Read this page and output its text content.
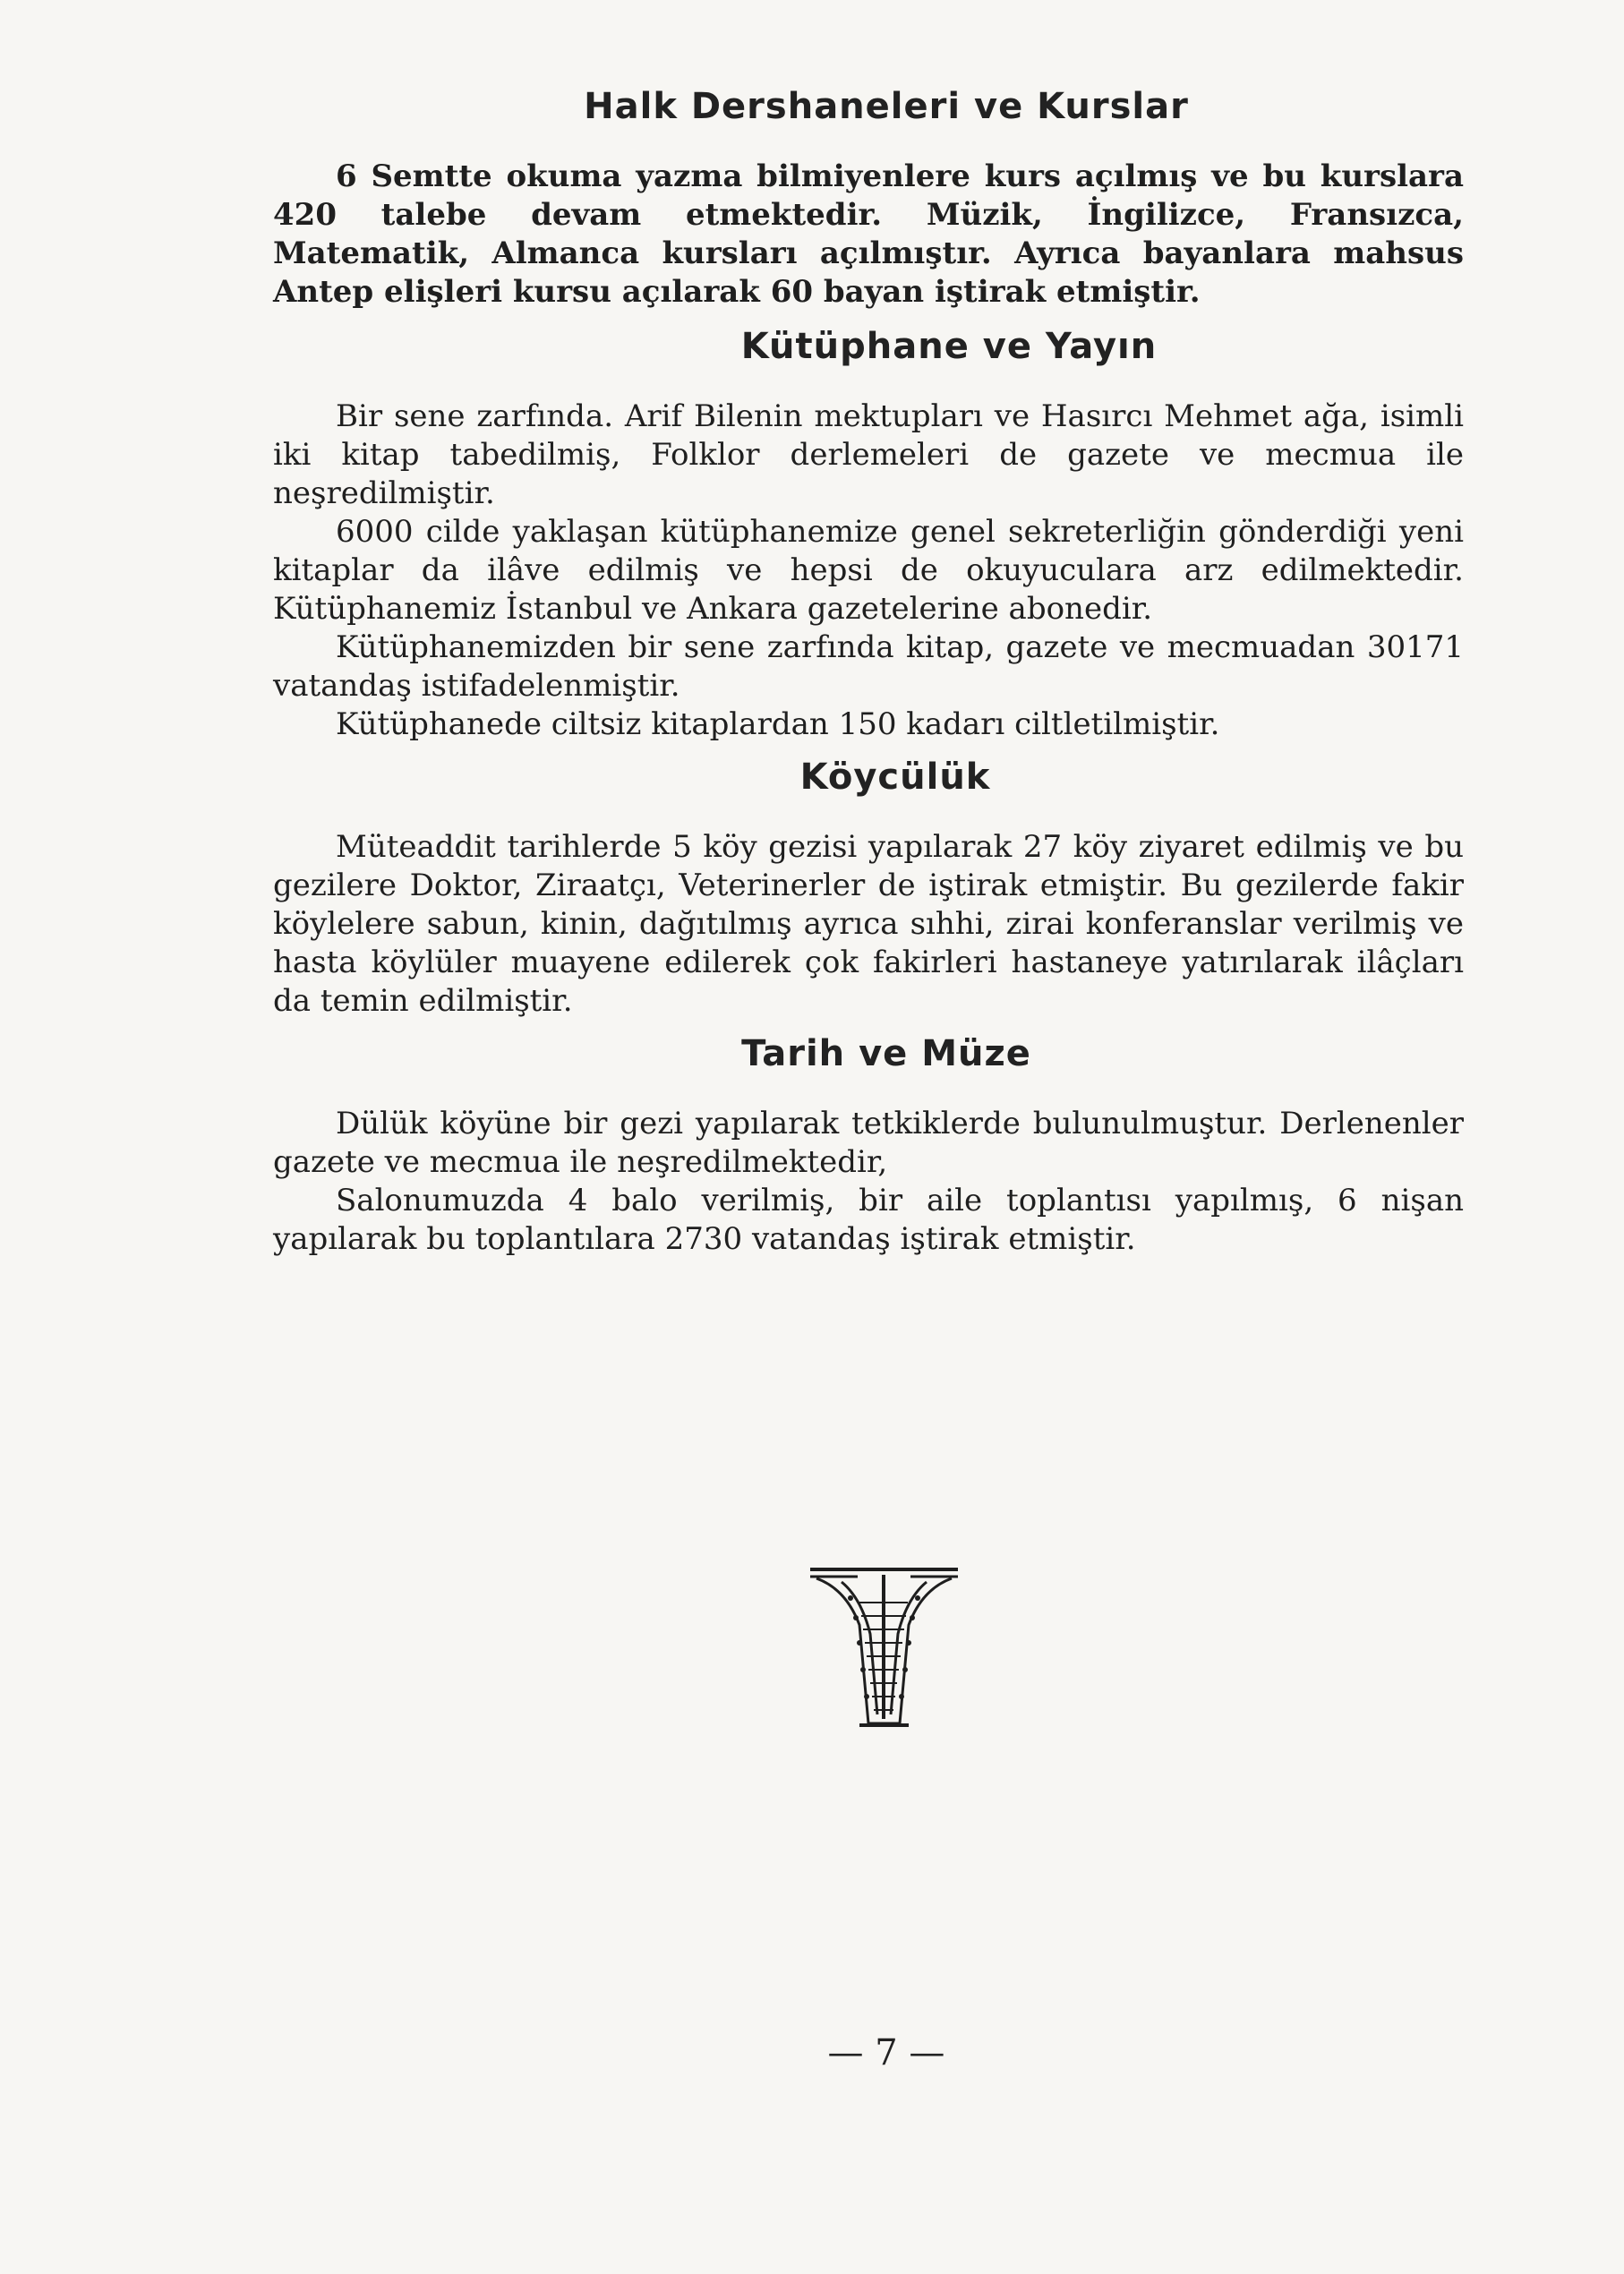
Halk Dershaneleri ve Kurslar

6 Semtte okuma yazma bilmiyenlere kurs açılmış ve bu kurslara 420 talebe devam etmektedir. Müzik, İngilizce, Fransızca, Matematik, Almanca kursları açılmıştır. Ayrıca bayanlara mahsus Antep elişleri kursu açılarak 60 bayan iştirak etmiştir.

Kütüphane ve Yayın

Bir sene zarfında. Arif Bilenin mektupları ve Hasırcı Mehmet ağa, isimli iki kitap tabedilmiş, Folklor derlemeleri de gazete ve mecmua ile neşredilmiştir.

6000 cilde yaklaşan kütüphanemize genel sekreterliğin gönderdiği yeni kitaplar da ilâve edilmiş ve hepsi de okuyuculara arz edilmektedir. Kütüphanemiz İstanbul ve Ankara gazetelerine abonedir.

Kütüphanemizden bir sene zarfında kitap, gazete ve mecmuadan 30171 vatandaş istifadelenmiştir.

Kütüphanede ciltsiz kitaplardan 150 kadarı ciltletilmiştir.

Köycülük

Müteaddit tarihlerde 5 köy gezisi yapılarak 27 köy ziyaret edilmiş ve bu gezilere Doktor, Ziraatçı, Veterinerler de iştirak etmiştir. Bu gezilerde fakir köylelere sabun, kinin, dağıtılmış ayrıca sıhhi, zirai konferanslar verilmiş ve hasta köylüler muayene edilerek çok fakirleri hastaneye yatırılarak ilâçları da temin edilmiştir.

Tarih ve Müze

Dülük köyüne bir gezi yapılarak tetkiklerde bulunulmuştur. Derlenenler gazete ve mecmua ile neşredilmektedir,

Salonumuzda 4 balo verilmiş, bir aile toplantısı yapılmış, 6 nişan yapılarak bu toplantılara 2730 vatandaş iştirak etmiştir.

— 7 —
